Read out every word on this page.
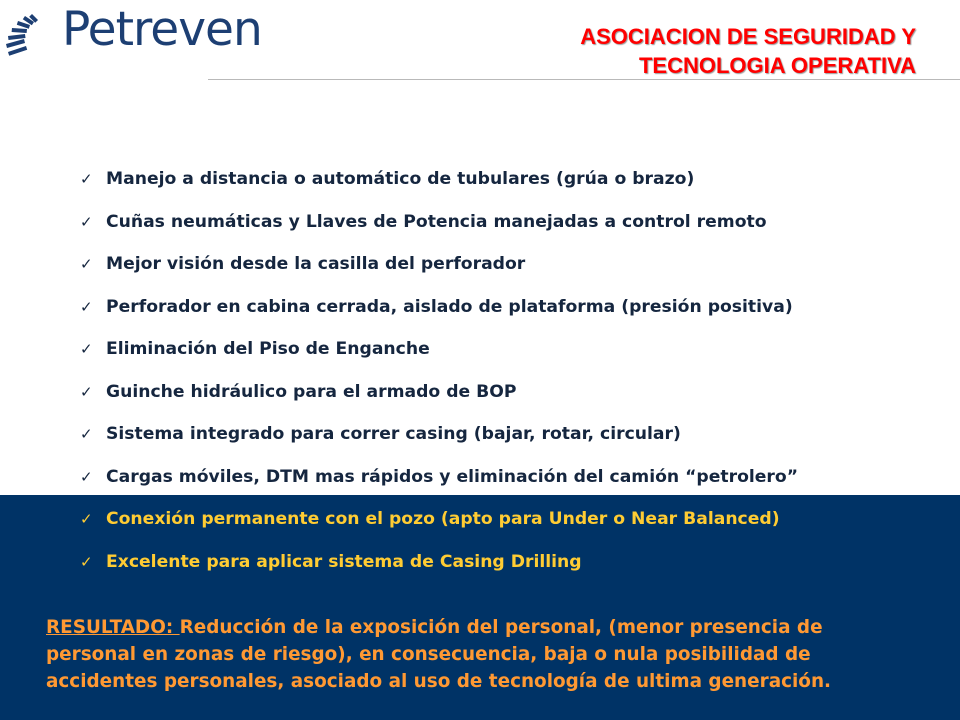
Petreven	ASOCIACION DE SEGURIDAD Y
TECNOLOGIA OPERATIVA
✓ Manejo a distancia o automático de tubulares (grúa o brazo)
✓ Cuñas neumáticas y Llaves de Potencia manejadas a control remoto
✓ Mejor visión desde la casilla del perforador
✓ Perforador en cabina cerrada, aislado de plataforma (presión positiva)
✓ Eliminación del Piso de Enganche
✓ Guinche hidráulico para el armado de BOP
✓ Sistema integrado para correr casing (bajar, rotar, circular)
✓ Cargas móviles, DTM mas rápidos y eliminación del camión “petrolero”
✓ Conexión permanente con el pozo (apto para Under o Near Balanced)
✓ Excelente para aplicar sistema de Casing Drilling
RESULTADO: Reducción de la exposición del personal, (menor presencia de
personal en zonas de riesgo), en consecuencia, baja o nula posibilidad de
accidentes personales, asociado al uso de tecnología de ultima generación.
